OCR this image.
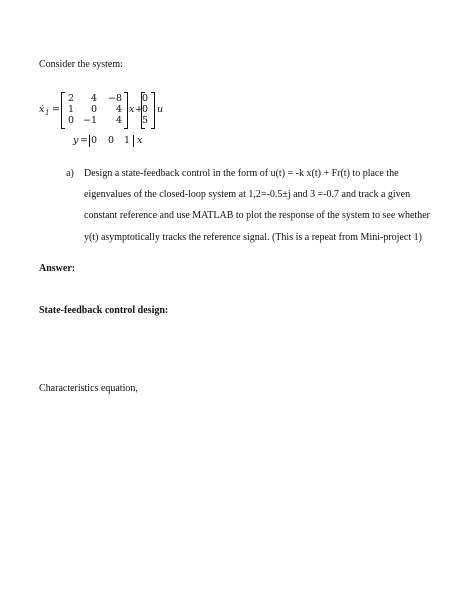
Consider the system:
ẋ 1 =
2	4	−8
1	0	4
0 −1	4
x +
0
0
5
u
y = 0	0	1 x
a) Design a state-feedback control in the form of u(t) = -k x(t) + Fr(t) to place the
eigenvalues of the closed-loop system at 1,2=-0.5±j and 3 =-0.7 and track a given
constant reference and use MATLAB to plot the response of the system to see whether
y(t) asymptotically tracks the reference signal. (This is a repeat from Mini-project 1)
Answer:
State-feedback control design:
Characteristics equation,
